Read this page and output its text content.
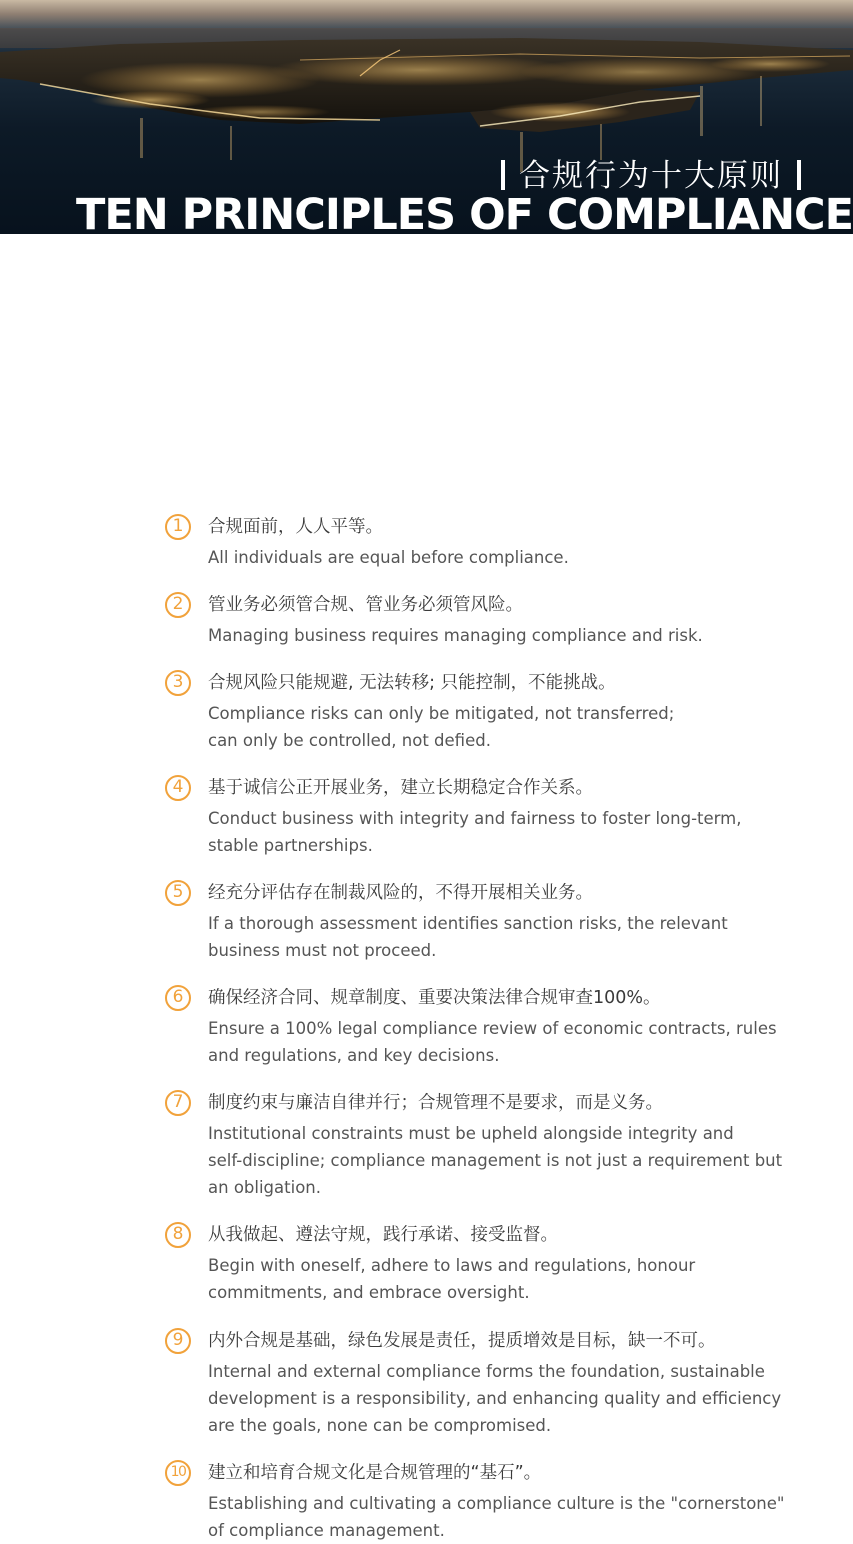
合规行为十大原则
TEN PRINCIPLES OF COMPLIANCE
1	合规面前，人人平等。
All individuals are equal before compliance.
2	管业务必须管合规、管业务必须管风险。
Managing business requires managing compliance and risk.
3	合规风险只能规避, 无法转移; 只能控制，不能挑战。
Compliance risks can only be mitigated, not transferred;
can only be controlled, not defied.
4	基于诚信公正开展业务，建立长期稳定合作关系。
Conduct business with integrity and fairness to foster long-term,
stable partnerships.
5	经充分评估存在制裁风险的，不得开展相关业务。
If a thorough assessment identifies sanction risks, the relevant
business must not proceed.
6	确保经济合同、规章制度、重要决策法律合规审查100%。
Ensure a 100% legal compliance review of economic contracts, rules
and regulations, and key decisions.
7	制度约束与廉洁自律并行；合规管理不是要求，而是义务。
Institutional constraints must be upheld alongside integrity and
self-discipline; compliance management is not just a requirement but
an obligation.
8	从我做起、遵法守规，践行承诺、接受监督。
Begin with oneself, adhere to laws and regulations, honour
commitments, and embrace oversight.
9	内外合规是基础，绿色发展是责任，提质增效是目标，缺一不可。
Internal and external compliance forms the foundation, sustainable
development is a responsibility, and enhancing quality and efficiency
are the goals, none can be compromised.
10	建立和培育合规文化是合规管理的“基石”。
Establishing and cultivating a compliance culture is the "cornerstone"
of compliance management.
